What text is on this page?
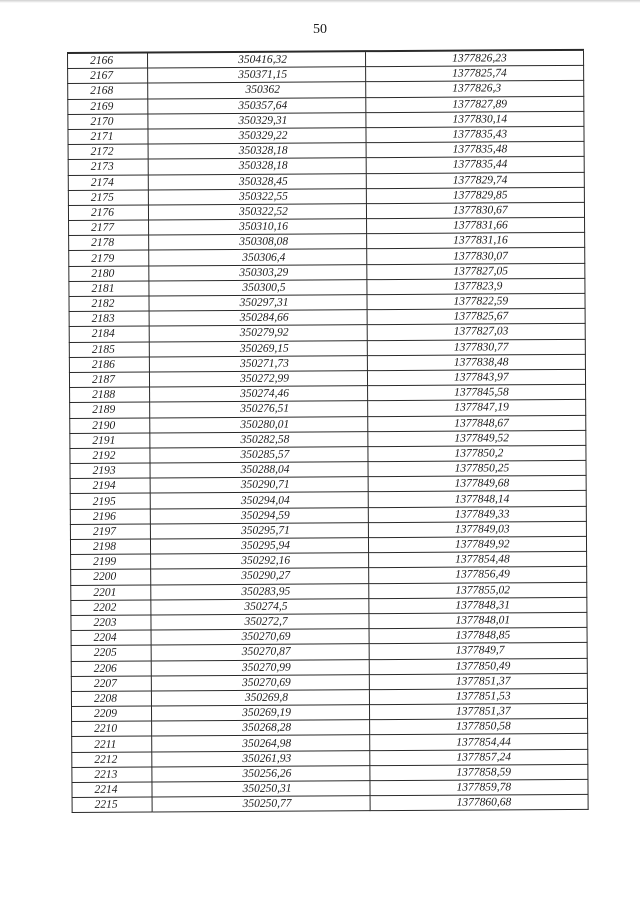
50
2166	350416,32	1377826,23
2167	350371,15	1377825,74
2168	350362	1377826,3
2169	350357,64	1377827,89
2170	350329,31	1377830,14
2171	350329,22	1377835,43
2172	350328,18	1377835,48
2173	350328,18	1377835,44
2174	350328,45	1377829,74
2175	350322,55	1377829,85
2176	350322,52	1377830,67
2177	350310,16	1377831,66
2178	350308,08	1377831,16
2179	350306,4	1377830,07
2180	350303,29	1377827,05
2181	350300,5	1377823,9
2182	350297,31	1377822,59
2183	350284,66	1377825,67
2184	350279,92	1377827,03
2185	350269,15	1377830,77
2186	350271,73	1377838,48
2187	350272,99	1377843,97
2188	350274,46	1377845,58
2189	350276,51	1377847,19
2190	350280,01	1377848,67
2191	350282,58	1377849,52
2192	350285,57	1377850,2
2193	350288,04	1377850,25
2194	350290,71	1377849,68
2195	350294,04	1377848,14
2196	350294,59	1377849,33
2197	350295,71	1377849,03
2198	350295,94	1377849,92
2199	350292,16	1377854,48
2200	350290,27	1377856,49
2201	350283,95	1377855,02
2202	350274,5	1377848,31
2203	350272,7	1377848,01
2204	350270,69	1377848,85
2205	350270,87	1377849,7
2206	350270,99	1377850,49
2207	350270,69	1377851,37
2208	350269,8	1377851,53
2209	350269,19	1377851,37
2210	350268,28	1377850,58
2211	350264,98	1377854,44
2212	350261,93	1377857,24
2213	350256,26	1377858,59
2214	350250,31	1377859,78
2215	350250,77	1377860,68
